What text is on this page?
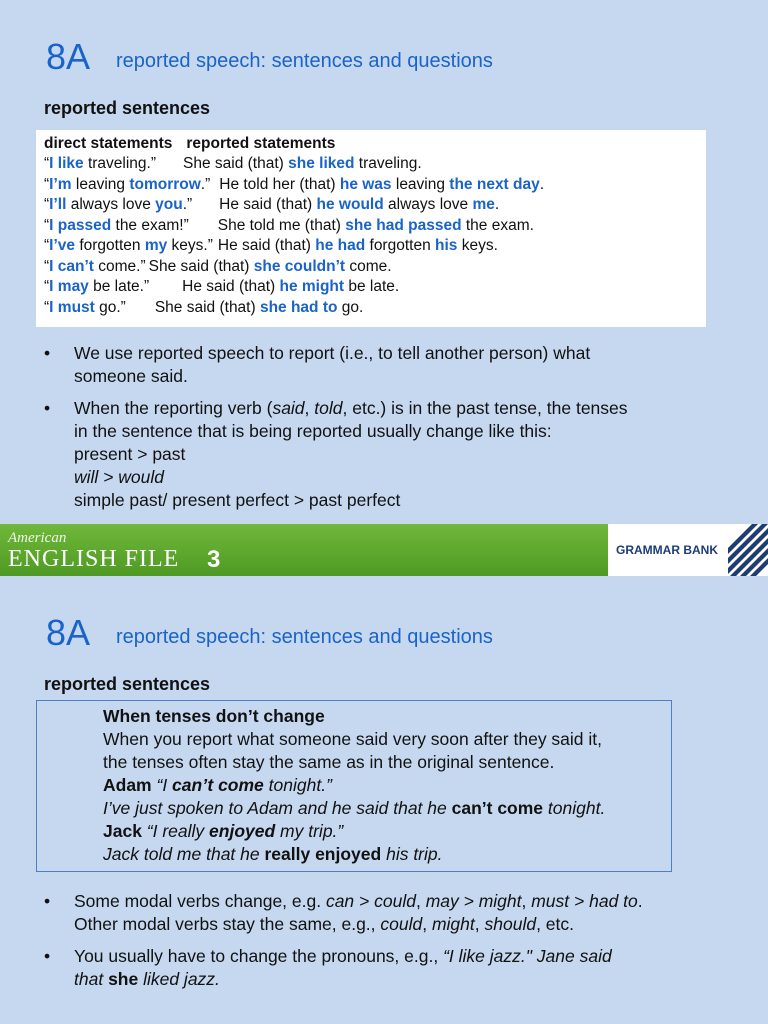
8A reported speech: sentences and questions
reported sentences
direct statements reported statements
“I like traveling.” She said (that) she liked traveling.
“I’m leaving tomorrow.” He told her (that) he was leaving the next day.
“I’ll always love you.” He said (that) he would always love me.
“I passed the exam!” She told me (that) she had passed the exam.
“I’ve forgotten my keys.” He said (that) he had forgotten his keys.
“I can’t come.” She said (that) she couldn’t come.
“I may be late.” He said (that) he might be late.
“I must go.” She said (that) she had to go.
• We use reported speech to report (i.e., to tell another person) what
someone said.
• When the reporting verb (said, told, etc.) is in the past tense, the tenses
in the sentence that is being reported usually change like this:
present > past
will > would
simple past/ present perfect > past perfect
American
ENGLISH FILE 3	GRAMMAR BANK
8A reported speech: sentences and questions
reported sentences
When tenses don’t change
When you report what someone said very soon after they said it,
the tenses often stay the same as in the original sentence.
Adam “I can’t come tonight.”
I’ve just spoken to Adam and he said that he can’t come tonight.
Jack “I really enjoyed my trip.”
Jack told me that he really enjoyed his trip.
• Some modal verbs change, e.g. can > could, may > might, must > had to.
Other modal verbs stay the same, e.g., could, might, should, etc.
• You usually have to change the pronouns, e.g., “I like jazz." Jane said
that she liked jazz.
